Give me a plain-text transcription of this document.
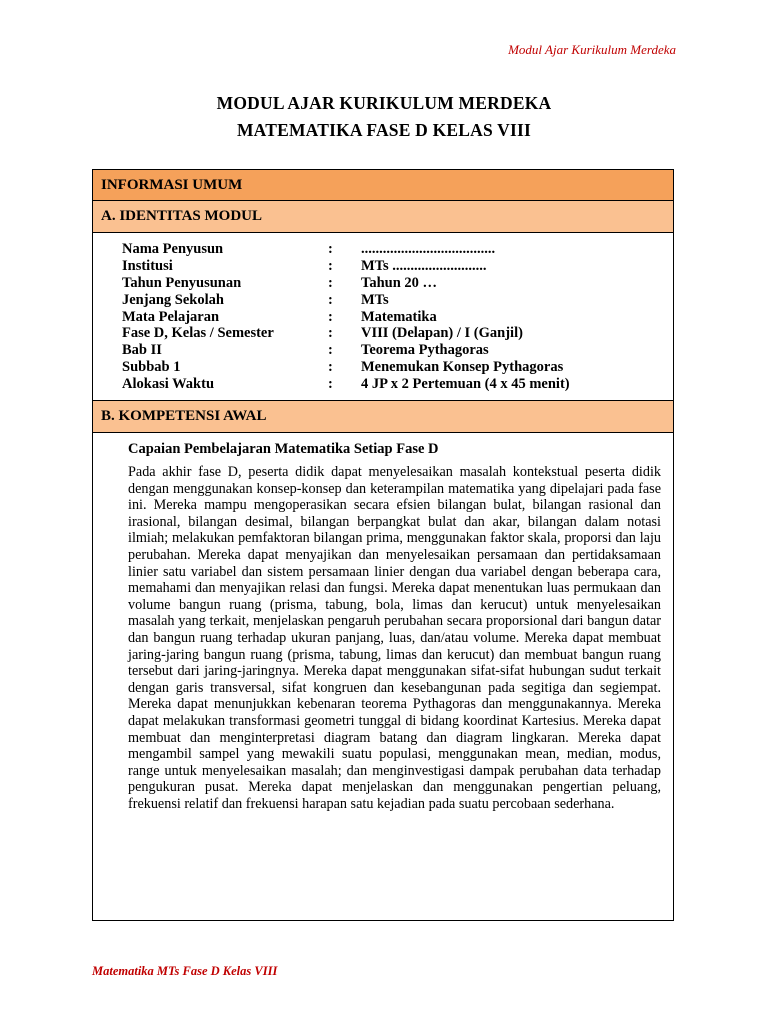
Modul Ajar Kurikulum Merdeka
MODUL AJAR KURIKULUM MERDEKA
MATEMATIKA FASE D KELAS VIII
INFORMASI UMUM
A. IDENTITAS MODUL
Nama Penyusun	: .....................................
Institusi	: MTs ..........................
Tahun Penyusunan	: Tahun 20 …
Jenjang Sekolah	: MTs
Mata Pelajaran	: Matematika
Fase D, Kelas / Semester	: VIII (Delapan) / I (Ganjil)
Bab II	: Teorema Pythagoras
Subbab 1	: Menemukan Konsep Pythagoras
Alokasi Waktu	: 4 JP x 2 Pertemuan (4 x 45 menit)
B. KOMPETENSI AWAL

Capaian Pembelajaran Matematika Setiap Fase D

Pada akhir fase D, peserta didik dapat menyelesaikan masalah kontekstual peserta didik dengan menggunakan konsep-konsep dan keterampilan matematika yang dipelajari pada fase ini. Mereka mampu mengoperasikan secara efsien bilangan bulat, bilangan rasional dan irasional, bilangan desimal, bilangan berpangkat bulat dan akar, bilangan dalam notasi ilmiah; melakukan pemfaktoran bilangan prima, menggunakan faktor skala, proporsi dan laju perubahan. Mereka dapat menyajikan dan menyelesaikan persamaan dan pertidaksamaan linier satu variabel dan sistem persamaan linier dengan dua variabel dengan beberapa cara, memahami dan menyajikan relasi dan fungsi. Mereka dapat menentukan luas permukaan dan volume bangun ruang (prisma, tabung, bola, limas dan kerucut) untuk menyelesaikan masalah yang terkait, menjelaskan pengaruh perubahan secara proporsional dari bangun datar dan bangun ruang terhadap ukuran panjang, luas, dan/atau volume. Mereka dapat membuat jaring-jaring bangun ruang (prisma, tabung, limas dan kerucut) dan membuat bangun ruang tersebut dari jaring-jaringnya. Mereka dapat menggunakan sifat-sifat hubungan sudut terkait dengan garis transversal, sifat kongruen dan kesebangunan pada segitiga dan segiempat. Mereka dapat menunjukkan kebenaran teorema Pythagoras dan menggunakannya. Mereka dapat melakukan transformasi geometri tunggal di bidang koordinat Kartesius. Mereka dapat membuat dan menginterpretasi diagram batang dan diagram lingkaran. Mereka dapat mengambil sampel yang mewakili suatu populasi, menggunakan mean, median, modus, range untuk menyelesaikan masalah; dan menginvestigasi dampak perubahan data terhadap pengukuran pusat. Mereka dapat menjelaskan dan menggunakan pengertian peluang, frekuensi relatif dan frekuensi harapan satu kejadian pada suatu percobaan sederhana.

Matematika MTs Fase D Kelas VIII
